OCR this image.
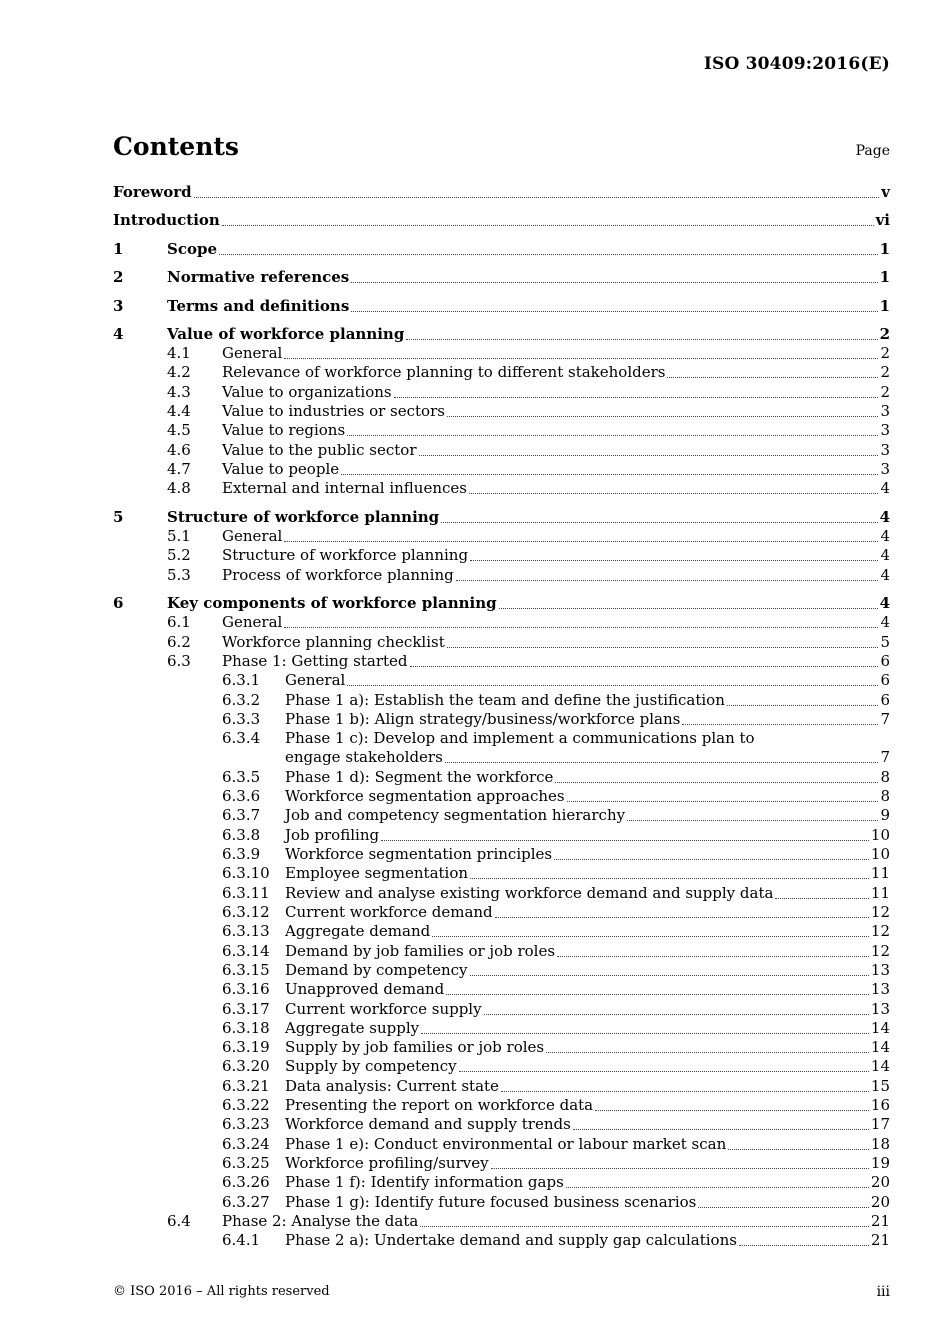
ISO 30409:2016(E)
Contents	Page
Foreword	v
Introduction	vi
1	Scope	1
2	Normative references	1
3	Terms and definitions	1
4	Value of workforce planning	2
4.1 General	2
4.2 Relevance of workforce planning to different stakeholders	2
4.3 Value to organizations	2
4.4 Value to industries or sectors	3
4.5 Value to regions	3
4.6 Value to the public sector	3
4.7 Value to people	3
4.8 External and internal influences	4
5	Structure of workforce planning	4
5.1 General	4
5.2 Structure of workforce planning	4
5.3 Process of workforce planning	4
6	Key components of workforce planning	4
6.1 General	4
6.2 Workforce planning checklist	5
6.3 Phase 1: Getting started	6
6.3.1 General	6
6.3.2 Phase 1 a): Establish the team and define the justification	6
6.3.3 Phase 1 b): Align strategy/business/workforce plans	7
6.3.4 Phase 1 c): Develop and implement a communications plan to
engage stakeholders	7
6.3.5 Phase 1 d): Segment the workforce	8
6.3.6 Workforce segmentation approaches	8
6.3.7 Job and competency segmentation hierarchy	9
6.3.8 Job profiling	10
6.3.9 Workforce segmentation principles	10
6.3.10 Employee segmentation	11
6.3.11 Review and analyse existing workforce demand and supply data	11
6.3.12 Current workforce demand	12
6.3.13 Aggregate demand	12
6.3.14 Demand by job families or job roles	12
6.3.15 Demand by competency	13
6.3.16 Unapproved demand	13
6.3.17 Current workforce supply	13
6.3.18 Aggregate supply	14
6.3.19 Supply by job families or job roles	14
6.3.20 Supply by competency	14
6.3.21 Data analysis: Current state	15
6.3.22 Presenting the report on workforce data	16
6.3.23 Workforce demand and supply trends	17
6.3.24 Phase 1 e): Conduct environmental or labour market scan	18
6.3.25 Workforce profiling/survey	19
6.3.26 Phase 1 f): Identify information gaps	20
6.3.27 Phase 1 g): Identify future focused business scenarios	20
6.4 Phase 2: Analyse the data	21
6.4.1 Phase 2 a): Undertake demand and supply gap calculations	21
© ISO 2016 – All rights reserved	iii
